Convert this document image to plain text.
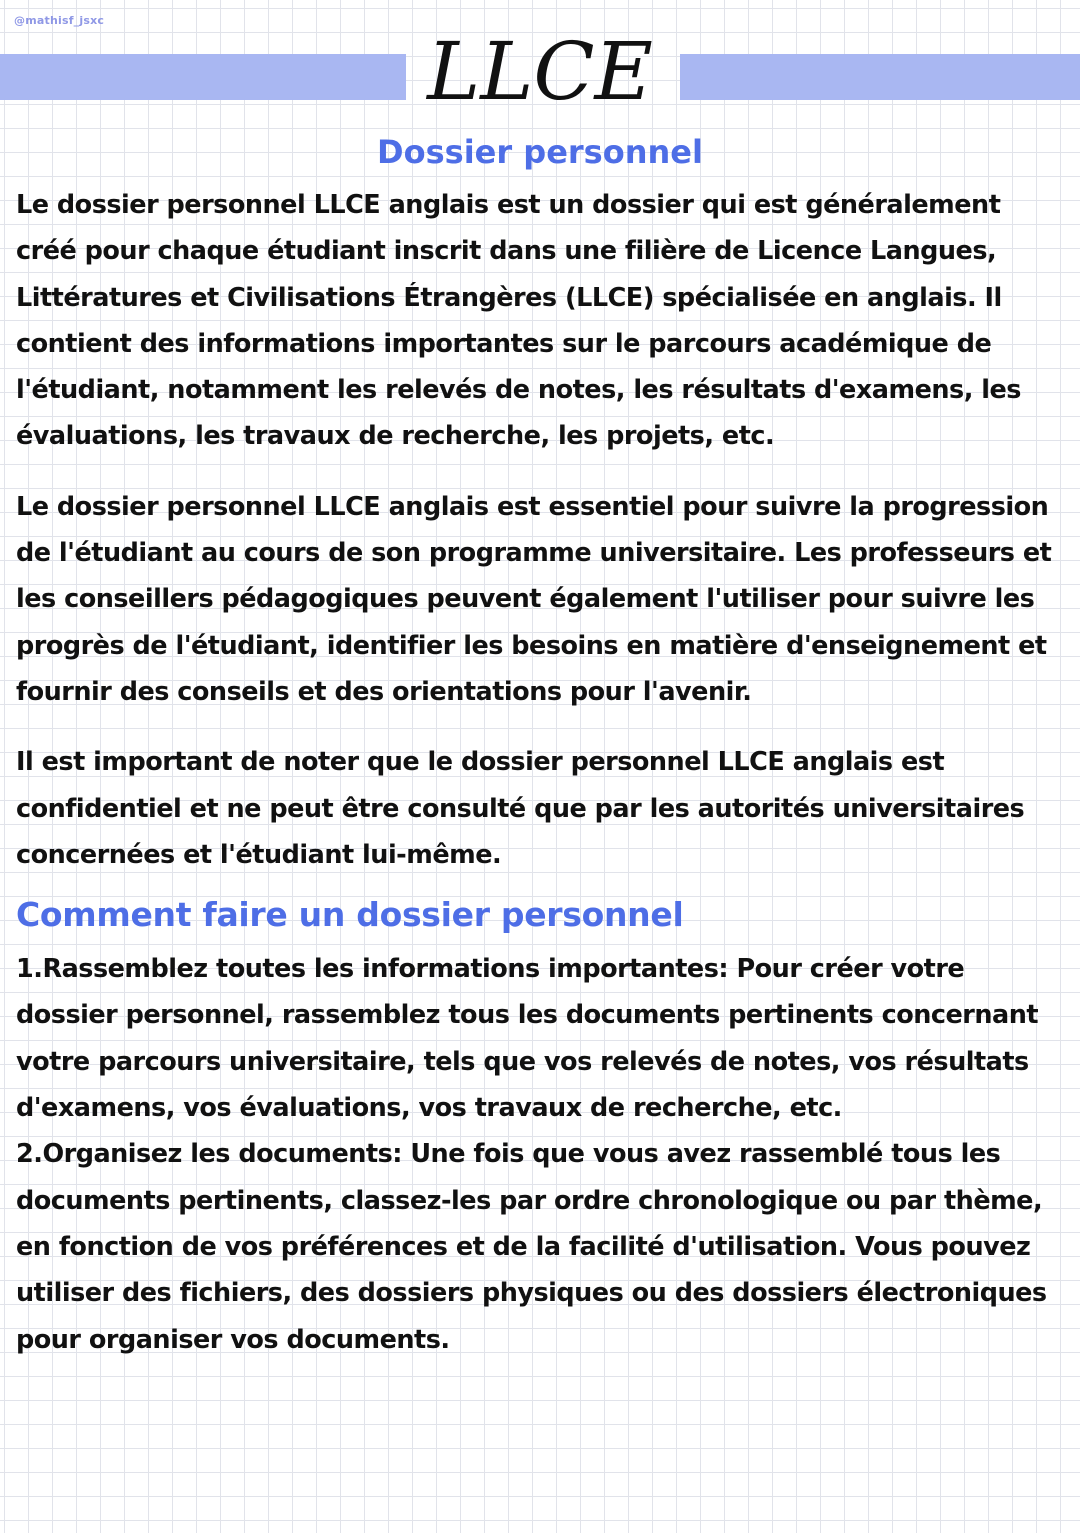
@mathisf_jsxc
LLCE
Dossier personnel

Le dossier personnel LLCE anglais est un dossier qui est généralement créé pour chaque étudiant inscrit dans une filière de Licence Langues, Littératures et Civilisations Étrangères (LLCE) spécialisée en anglais. Il contient des informations importantes sur le parcours académique de l'étudiant, notamment les relevés de notes, les résultats d'examens, les évaluations, les travaux de recherche, les projets, etc.

Le dossier personnel LLCE anglais est essentiel pour suivre la progression de l'étudiant au cours de son programme universitaire. Les professeurs et les conseillers pédagogiques peuvent également l'utiliser pour suivre les progrès de l'étudiant, identifier les besoins en matière d'enseignement et fournir des conseils et des orientations pour l'avenir.

Il est important de noter que le dossier personnel LLCE anglais est confidentiel et ne peut être consulté que par les autorités universitaires concernées et l'étudiant lui-même.

Comment faire un dossier personnel

1.Rassemblez toutes les informations importantes: Pour créer votre dossier personnel, rassemblez tous les documents pertinents concernant votre parcours universitaire, tels que vos relevés de notes, vos résultats d'examens, vos évaluations, vos travaux de recherche, etc.

2.Organisez les documents: Une fois que vous avez rassemblé tous les documents pertinents, classez-les par ordre chronologique ou par thème, en fonction de vos préférences et de la facilité d'utilisation. Vous pouvez utiliser des fichiers, des dossiers physiques ou des dossiers électroniques pour organiser vos documents.
